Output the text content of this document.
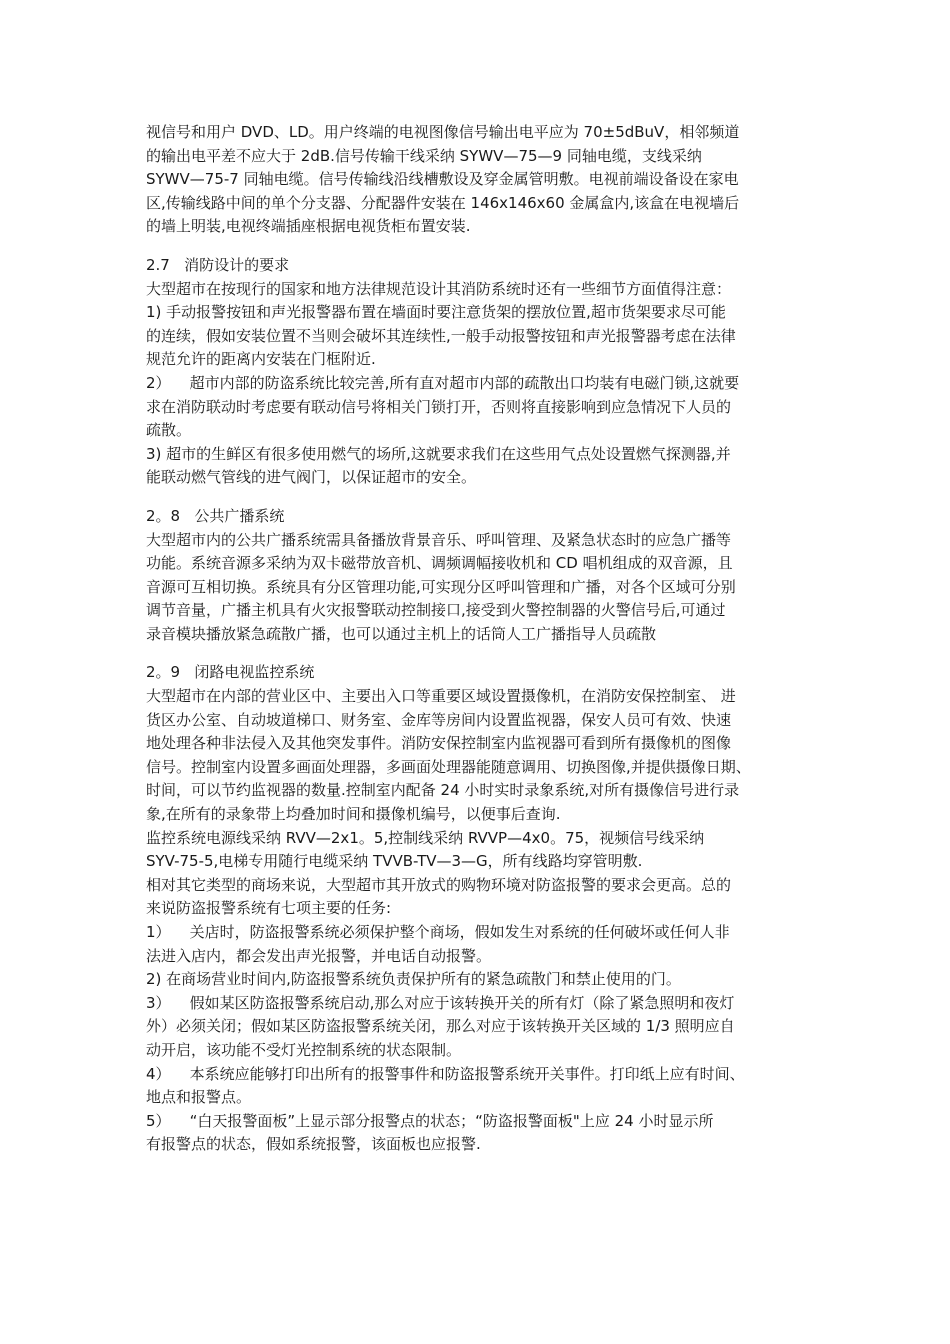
视信号和用户 DVD、LD。用户终端的电视图像信号输出电平应为 70±5dBuV，相邻频道
的输出电平差不应大于 2dB.信号传输干线采纳 SYWV—75—9 同轴电缆，支线采纳
SYWV—75-7 同轴电缆。信号传输线沿线槽敷设及穿金属管明敷。电视前端设备设在家电
区,传输线路中间的单个分支器、分配器件安装在 146x146x60 金属盒内,该盒在电视墙后
的墙上明装,电视终端插座根据电视货柜布置安装.
2.7   消防设计的要求
大型超市在按现行的国家和地方法律规范设计其消防系统时还有一些细节方面值得注意：
1) 手动报警按钮和声光报警器布置在墙面时要注意货架的摆放位置,超市货架要求尽可能
的连续，假如安装位置不当则会破坏其连续性,一般手动报警按钮和声光报警器考虑在法律
规范允许的距离内安装在门框附近.
2）    超市内部的防盗系统比较完善,所有直对超市内部的疏散出口均装有电磁门锁,这就要
求在消防联动时考虑要有联动信号将相关门锁打开，否则将直接影响到应急情况下人员的
疏散。
3) 超市的生鲜区有很多使用燃气的场所,这就要求我们在这些用气点处设置燃气探测器,并
能联动燃气管线的进气阀门，以保证超市的安全。
2。8   公共广播系统
大型超市内的公共广播系统需具备播放背景音乐、呼叫管理、及紧急状态时的应急广播等
功能。系统音源多采纳为双卡磁带放音机、调频调幅接收机和 CD 唱机组成的双音源，且
音源可互相切换。系统具有分区管理功能,可实现分区呼叫管理和广播，对各个区域可分别
调节音量，广播主机具有火灾报警联动控制接口,接受到火警控制器的火警信号后,可通过
录音模块播放紧急疏散广播，也可以通过主机上的话筒人工广播指导人员疏散
2。9   闭路电视监控系统
大型超市在内部的营业区中、主要出入口等重要区域设置摄像机，在消防安保控制室、 进
货区办公室、自动坡道梯口、财务室、金库等房间内设置监视器，保安人员可有效、快速
地处理各种非法侵入及其他突发事件。消防安保控制室内监视器可看到所有摄像机的图像
信号。控制室内设置多画面处理器，多画面处理器能随意调用、切换图像,并提供摄像日期、
时间，可以节约监视器的数量.控制室内配备 24 小时实时录象系统,对所有摄像信号进行录
象,在所有的录象带上均叠加时间和摄像机编号，以便事后查询.
监控系统电源线采纳 RVV—2x1。5,控制线采纳 RVVP—4x0。75，视频信号线采纳
SYV-75-5,电梯专用随行电缆采纳 TVVB-TV—3—G，所有线路均穿管明敷.
相对其它类型的商场来说，大型超市其开放式的购物环境对防盗报警的要求会更高。总的
来说防盗报警系统有七项主要的任务:
1）    关店时，防盗报警系统必须保护整个商场，假如发生对系统的任何破坏或任何人非
法进入店内，都会发出声光报警，并电话自动报警。
2) 在商场营业时间内,防盗报警系统负责保护所有的紧急疏散门和禁止使用的门。
3）    假如某区防盗报警系统启动,那么对应于该转换开关的所有灯（除了紧急照明和夜灯
外）必须关闭；假如某区防盗报警系统关闭，那么对应于该转换开关区域的 1/3 照明应自
动开启，该功能不受灯光控制系统的状态限制。
4）    本系统应能够打印出所有的报警事件和防盗报警系统开关事件。打印纸上应有时间、
地点和报警点。
5）    “白天报警面板”上显示部分报警点的状态；“防盗报警面板"上应 24 小时显示所
有报警点的状态，假如系统报警，该面板也应报警.
